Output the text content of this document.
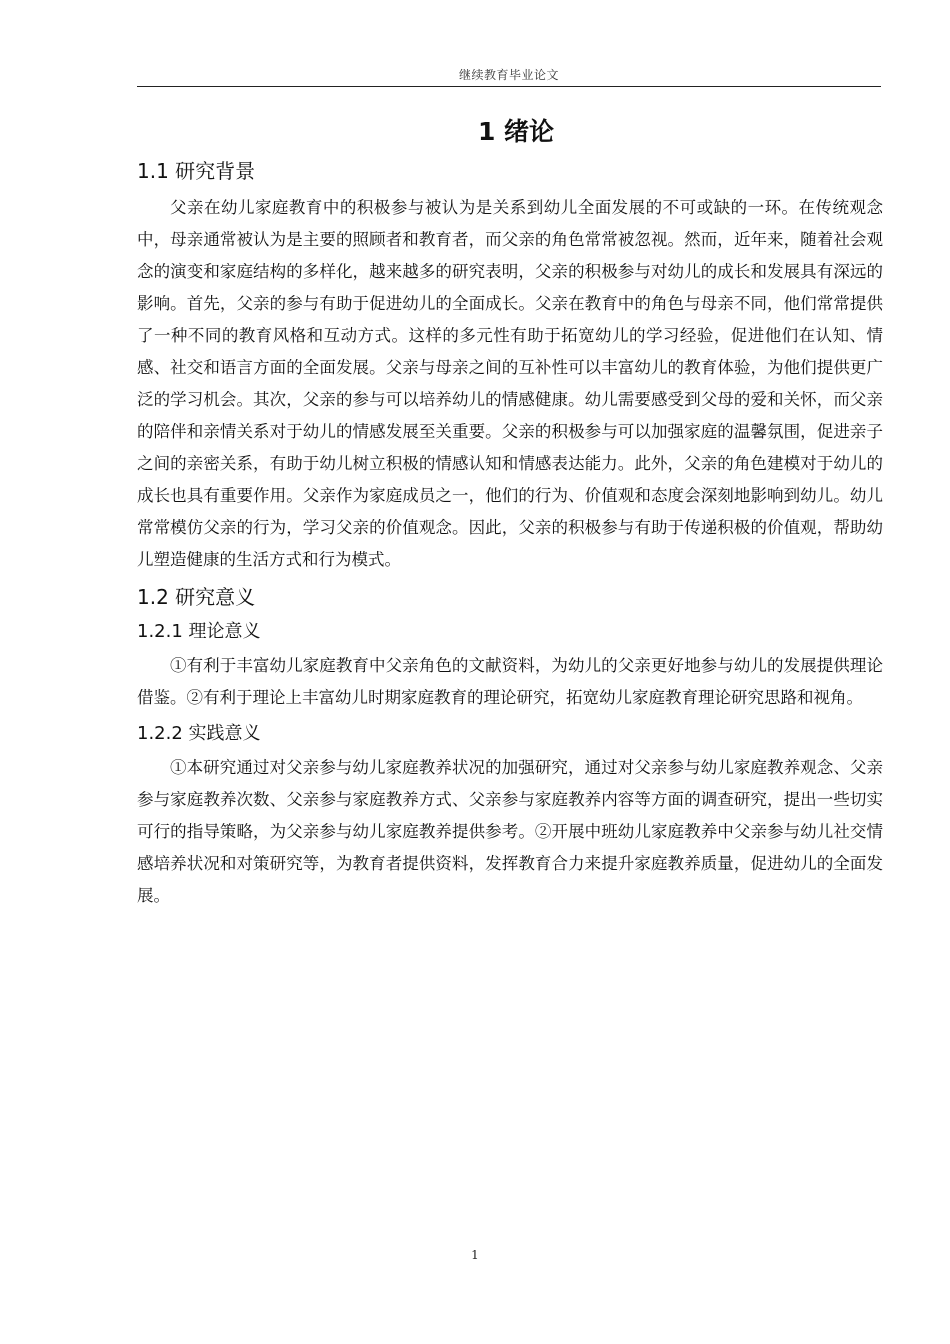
继续教育毕业论文
1 绪论
1.1 研究背景

父亲在幼儿家庭教育中的积极参与被认为是关系到幼儿全面发展的不可或缺的一环。在传统观念中，母亲通常被认为是主要的照顾者和教育者，而父亲的角色常常被忽视。然而，近年来，随着社会观念的演变和家庭结构的多样化，越来越多的研究表明，父亲的积极参与对幼儿的成长和发展具有深远的影响。首先，父亲的参与有助于促进幼儿的全面成长。父亲在教育中的角色与母亲不同，他们常常提供了一种不同的教育风格和互动方式。这样的多元性有助于拓宽幼儿的学习经验，促进他们在认知、情感、社交和语言方面的全面发展。父亲与母亲之间的互补性可以丰富幼儿的教育体验，为他们提供更广泛的学习机会。其次，父亲的参与可以培养幼儿的情感健康。幼儿需要感受到父母的爱和关怀，而父亲的陪伴和亲情关系对于幼儿的情感发展至关重要。父亲的积极参与可以加强家庭的温馨氛围，促进亲子之间的亲密关系，有助于幼儿树立积极的情感认知和情感表达能力。此外，父亲的角色建模对于幼儿的成长也具有重要作用。父亲作为家庭成员之一，他们的行为、价值观和态度会深刻地影响到幼儿。幼儿常常模仿父亲的行为，学习父亲的价值观念。因此，父亲的积极参与有助于传递积极的价值观，帮助幼儿塑造健康的生活方式和行为模式。

1.2 研究意义
1.2.1 理论意义

①有利于丰富幼儿家庭教育中父亲角色的文献资料，为幼儿的父亲更好地参与幼儿的发展提供理论借鉴。②有利于理论上丰富幼儿时期家庭教育的理论研究，拓宽幼儿家庭教育理论研究思路和视角。

1.2.2 实践意义

①本研究通过对父亲参与幼儿家庭教养状况的加强研究，通过对父亲参与幼儿家庭教养观念、父亲参与家庭教养次数、父亲参与家庭教养方式、父亲参与家庭教养内容等方面的调查研究，提出一些切实可行的指导策略，为父亲参与幼儿家庭教养提供参考。②开展中班幼儿家庭教养中父亲参与幼儿社交情感培养状况和对策研究等，为教育者提供资料，发挥教育合力来提升家庭教养质量，促进幼儿的全面发展。

1
